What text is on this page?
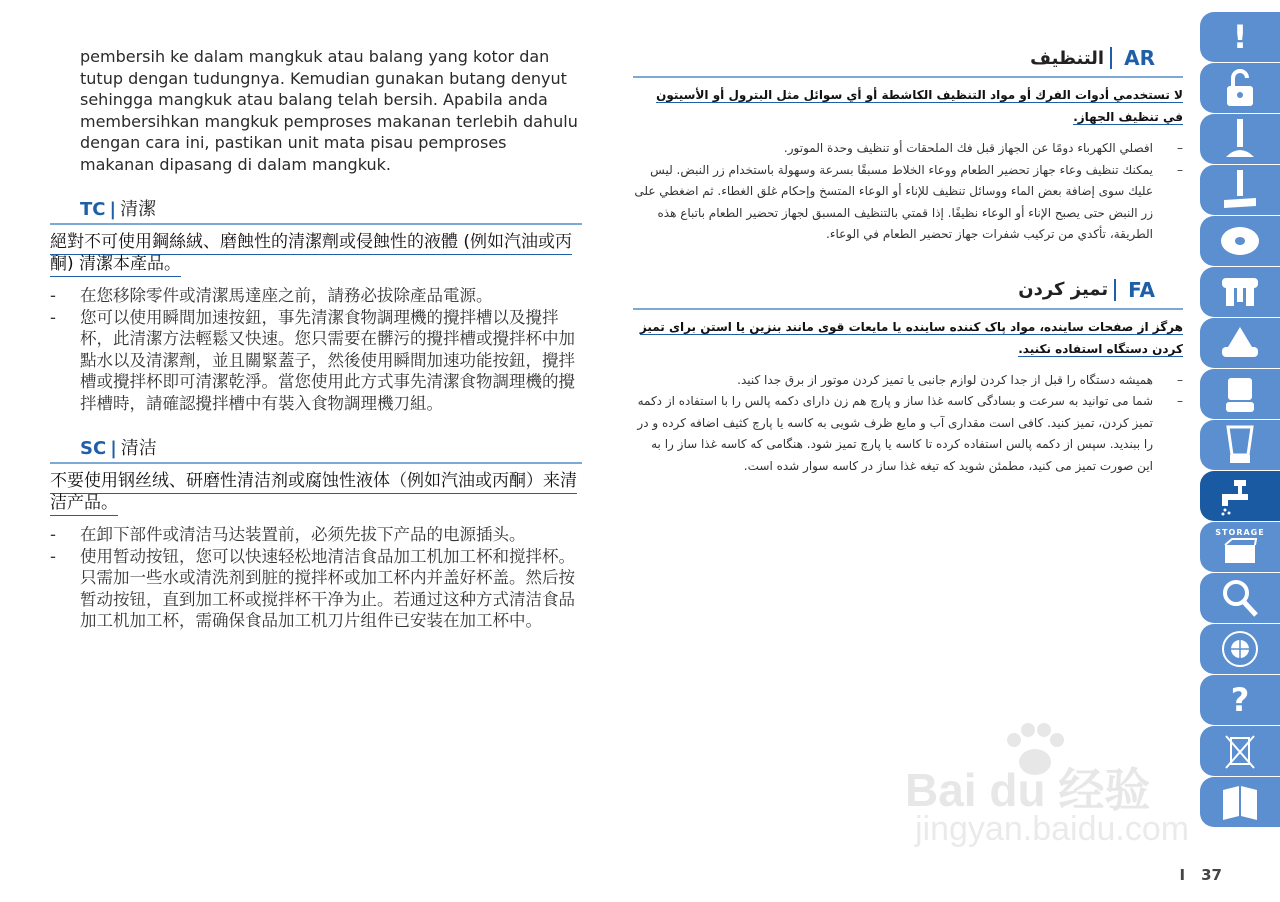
pembersih ke dalam mangkuk atau balang yang kotor dan tutup dengan tudungnya. Kemudian gunakan butang denyut sehingga mangkuk atau balang telah bersih. Apabila anda membersihkan mangkuk pemproses makanan terlebih dahulu dengan cara ini, pastikan unit mata pisau pemproses makanan dipasang di dalam mangkuk.
TC | 清潔
絕對不可使用鋼絲絨、磨蝕性的清潔劑或侵蝕性的液體 (例如汽油或丙酮) 清潔本產品。
- 在您移除零件或清潔馬達座之前，請務必拔除產品電源。
- 您可以使用瞬間加速按鈕，事先清潔食物調理機的攪拌槽以及攪拌杯，此清潔方法輕鬆又快速。您只需要在髒污的攪拌槽或攪拌杯中加點水以及清潔劑，並且關緊蓋子，然後使用瞬間加速功能按鈕，攪拌槽或攪拌杯即可清潔乾淨。當您使用此方式事先清潔食物調理機的攪拌槽時，請確認攪拌槽中有裝入食物調理機刀組。
SC | 清洁
不要使用钢丝绒、研磨性清洁剂或腐蚀性液体（例如汽油或丙酮）来清洁产品。
- 在卸下部件或清洁马达装置前，必须先拔下产品的电源插头。
- 使用暂动按钮，您可以快速轻松地清洁食品加工机加工杯和搅拌杯。只需加一些水或清洗剂到脏的搅拌杯或加工杯内并盖好杯盖。然后按暂动按钮，直到加工杯或搅拌杯干净为止。若通过这种方式清洁食品加工机加工杯，需确保食品加工机刀片组件已安装在加工杯中。
AR
التنظيف
لا تستخدمي أدوات الفرك أو مواد التنظيف الكاشطة أو أي سوائل مثل البترول أو الأسيتون في تنظيف الجهاز.
– افصلي الكهرباء دومًا عن الجهاز قبل فك الملحقات أو تنظيف وحدة الموتور.
– يمكنك تنظيف وعاء جهاز تحضير الطعام ووعاء الخلاط مسبقًا بسرعة وسهولة باستخدام زر النبض. ليس عليك سوى إضافة بعض الماء ووسائل تنظيف للإناء أو الوعاء المتسخ وإحكام غلق الغطاء. ثم اضغطي على زر النبض حتى يصبح الإناء أو الوعاء نظيفًا. إذا قمتي بالتنظيف المسبق لجهاز تحضير الطعام باتباع هذه الطريقة، تأكدي من تركيب شفرات جهاز تحضير الطعام في الوعاء.
FA
تمیز کردن
هرگز از صفحات ساینده، مواد پاک کننده ساینده یا مایعات قوی مانند بنزین یا استن برای تمیز کردن دستگاه استفاده نکنید.
– همیشه دستگاه را قبل از جدا کردن لوازم جانبی یا تمیز کردن موتور از برق جدا کنید.
– شما می توانید به سرعت و بسادگی کاسه غذا ساز و پارچ هم زن دارای دکمه پالس را با استفاده از دکمه تمیز کردن، تمیز کنید. کافی است مقداری آب و مایع ظرف شویی به کاسه یا پارچ کثیف اضافه کرده و در را ببندید. سپس از دکمه پالس استفاده کرده تا کاسه یا پارچ تمیز شود. هنگامی که کاسه غذا ساز را به این صورت تمیز می کنید، مطمئن شوید که تیغه غذا ساز در کاسه سوار شده است.
!
STORAGE
?
I 37
Bai du 经验
jingyan.baidu.com
